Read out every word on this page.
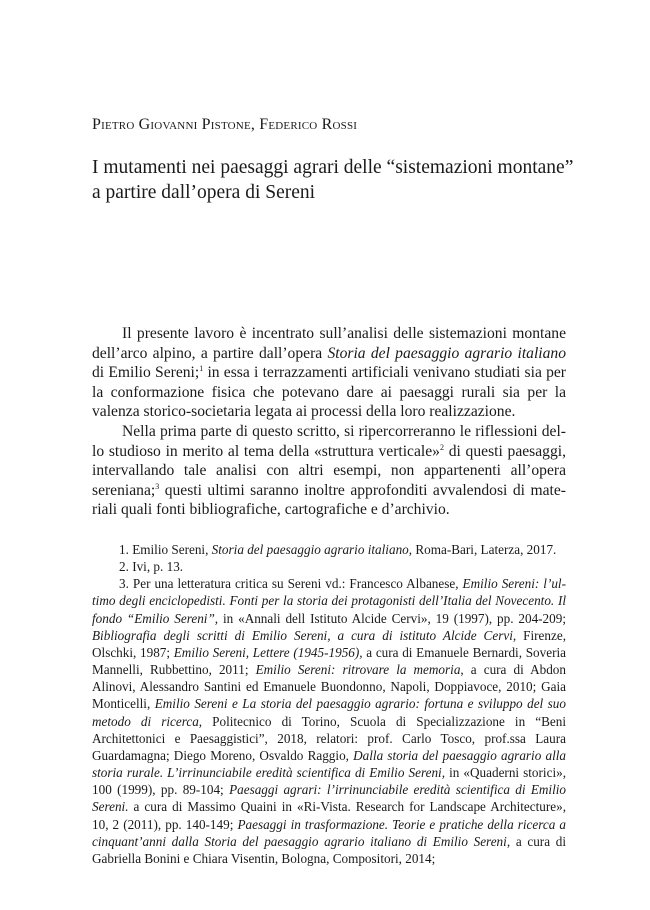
Pietro Giovanni Pistone, Federico Rossi
I mutamenti nei paesaggi agrari delle “sistemazioni montane”
a partire dall’opera di Sereni

Il presente lavoro è incentrato sull’analisi delle sistemazioni montane dell’arco alpino, a partire dall’opera Storia del paesaggio agrario italiano di Emilio Sereni;$^1$ in essa i terrazzamenti artificiali venivano studiati sia per la conformazione fisica che potevano dare ai paesaggi rurali sia per la valenza storico-societaria legata ai processi della loro realizzazione.

Nella prima parte di questo scritto, si ripercorreranno le riflessioni dello studioso in merito al tema della «struttura verticale»$^2$ di questi paesaggi, intervallando tale analisi con altri esempi, non appartenenti all’opera sereniana;$^3$ questi ultimi saranno inoltre approfonditi avvalendosi di materiali quali fonti bibliografiche, cartografiche e d’archivio.

1. Emilio Sereni, Storia del paesaggio agrario italiano, Roma-Bari, Laterza, 2017.

2. Ivi, p. 13.

3. Per una letteratura critica su Sereni vd.: Francesco Albanese, Emilio Sereni: l’ultimo degli enciclopedisti. Fonti per la storia dei protagonisti dell’Italia del Novecento. Il fondo “Emilio Sereni”, in «Annali dell Istituto Alcide Cervi», 19 (1997), pp. 204-209; Bibliografia degli scritti di Emilio Sereni, a cura di istituto Alcide Cervi, Firenze, Olschki, 1987; Emilio Sereni, Lettere (1945-1956), a cura di Emanuele Bernardi, Soveria Mannelli, Rubbettino, 2011; Emilio Sereni: ritrovare la memoria, a cura di Abdon Alinovi, Alessandro Santini ed Emanuele Buondonno, Napoli, Doppiavoce, 2010; Gaia Monticelli, Emilio Sereni e La storia del paesaggio agrario: fortuna e sviluppo del suo metodo di ricerca, Politecnico di Torino, Scuola di Specializzazione in “Beni Architettonici e Paesaggistici”, 2018, relatori: prof. Carlo Tosco, prof.ssa Laura Guardamagna; Diego Moreno, Osvaldo Raggio, Dalla storia del paesaggio agrario alla storia rurale. L’irrinunciabile eredità scientifica di Emilio Sereni, in «Quaderni storici», 100 (1999), pp. 89-104; Paesaggi agrari: l’irrinunciabile eredità scientifica di Emilio Sereni. a cura di Massimo Quaini in «Ri-Vista. Research for Landscape Architecture», 10, 2 (2011), pp. 140-149; Paesaggi in trasformazione. Teorie e pratiche della ricerca a cinquant’anni dalla Storia del paesaggio agrario italiano di Emilio Sereni, a cura di Gabriella Bonini e Chiara Visentin, Bologna, Compositori, 2014;
